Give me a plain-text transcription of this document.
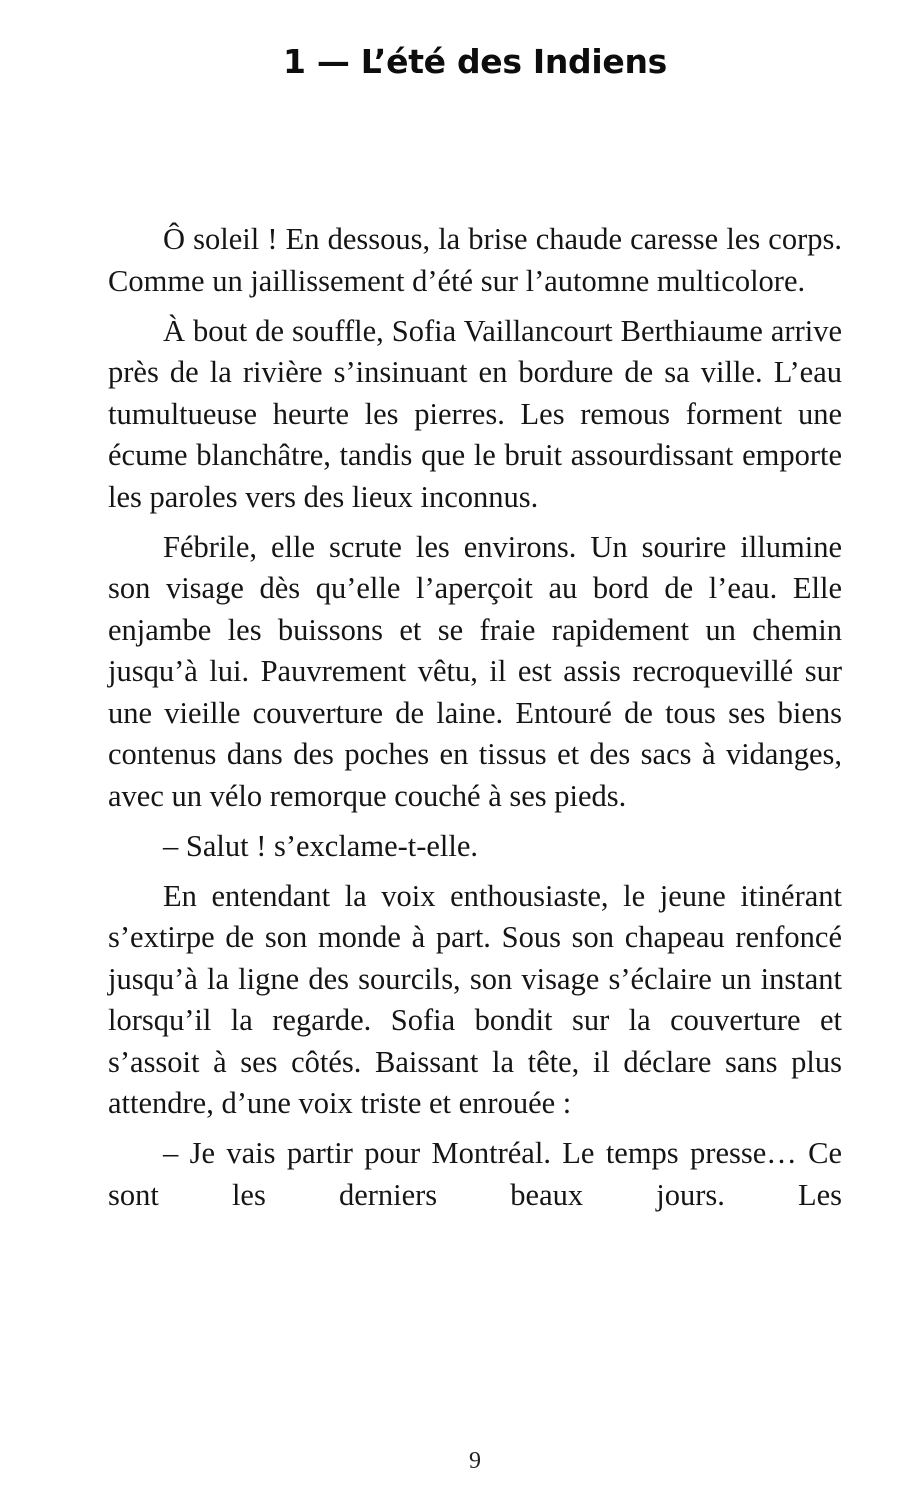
1 — L’été des Indiens

Ô soleil ! En dessous, la brise chaude caresse les corps. Comme un jaillissement d’été sur l’automne multicolore.

À bout de souffle, Sofia Vaillancourt Berthiaume arrive près de la rivière s’insinuant en bordure de sa ville. L’eau tumultueuse heurte les pierres. Les remous forment une écume blanchâtre, tandis que le bruit assourdissant emporte les paroles vers des lieux inconnus.

Fébrile, elle scrute les environs. Un sourire illumine son visage dès qu’elle l’aperçoit au bord de l’eau. Elle enjambe les buissons et se fraie rapidement un chemin jusqu’à lui. Pauvrement vêtu, il est assis recroquevillé sur une vieille couverture de laine. Entouré de tous ses biens contenus dans des poches en tissus et des sacs à vidanges, avec un vélo remorque couché à ses pieds.

– Salut ! s’exclame-t-elle.

En entendant la voix enthousiaste, le jeune itinérant s’extirpe de son monde à part. Sous son chapeau renfoncé jusqu’à la ligne des sourcils, son visage s’éclaire un instant lorsqu’il la regarde. Sofia bondit sur la couverture et s’assoit à ses côtés. Baissant la tête, il déclare sans plus attendre, d’une voix triste et enrouée :

– Je vais partir pour Montréal. Le temps presse… Ce sont les derniers beaux jours. Les

9
